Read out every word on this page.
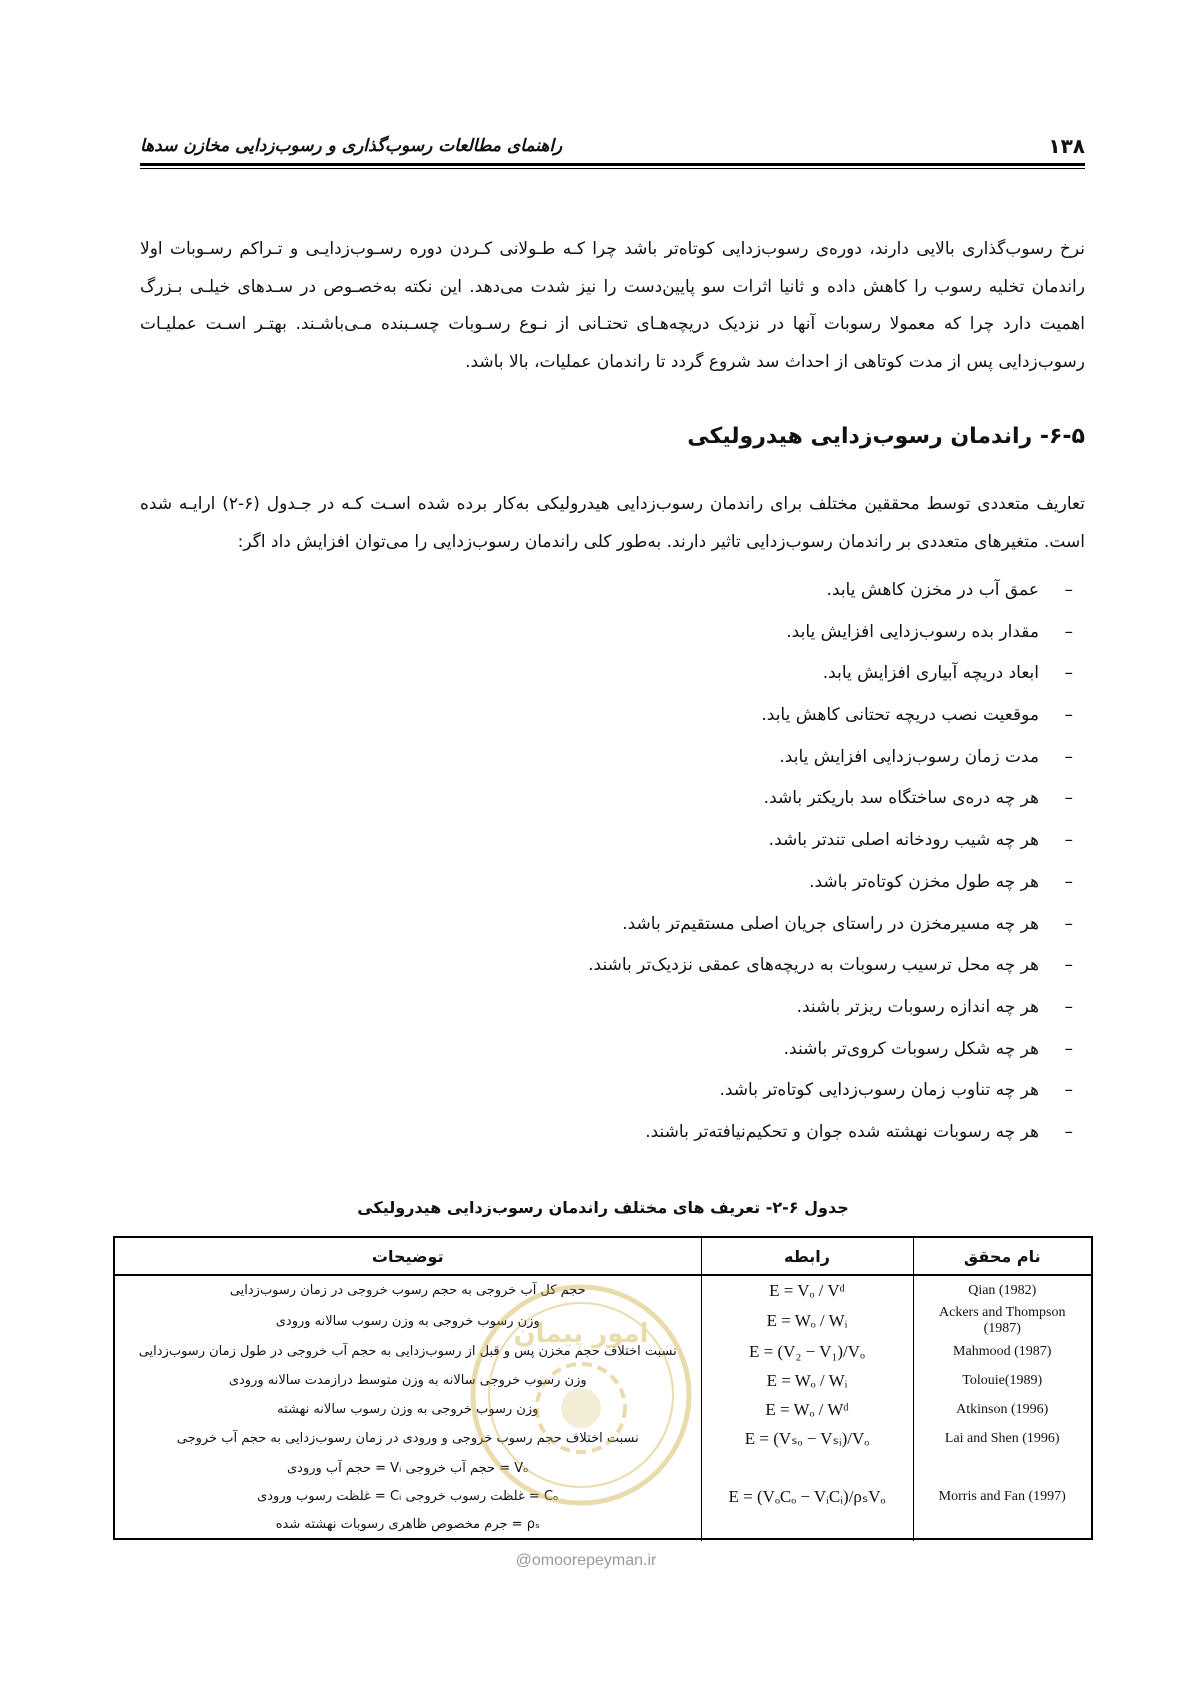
۱۳۸
راهنمای مطالعات رسوب‌گذاری و رسوب‌زدایی مخازن سدها

نرخ رسوب‌گذاری بالایی دارند، دوره‌ی رسوب‌زدایی کوتاه‌تر باشد چرا کـه طـولانی کـردن دوره رسـوب‌زدایـی و تـراکم رسـوبات اولا راندمان تخلیه رسوب را کاهش داده و ثانیا اثرات سو پایین‌دست را نیز شدت می‌دهد. این نکته به‌خصـوص در سـدهای خیلـی بـزرگ اهمیت دارد چرا که معمولا رسوبات آنها در نزدیک دریچه‌هـای تحتـانی از نـوع رسـوبات چسـبنده مـی‌باشـند. بهتـر اسـت عملیـات رسوب‌زدایی پس از مدت کوتاهی از احداث سد شروع گردد تا راندمان عملیات، بالا باشد.

۶-۵- راندمان رسوب‌زدایی هیدرولیکی

تعاریف متعددی توسط محققین مختلف برای راندمان رسوب‌زدایی هیدرولیکی به‌کار برده شده اسـت کـه در جـدول (۶-۲) ارایـه شده است. متغیرهای متعددی بر راندمان رسوب‌زدایی تاثیر دارند. به‌طور کلی راندمان رسوب‌زدایی را می‌توان افزایش داد اگر:

–
عمق آب در مخزن کاهش یابد.
–
مقدار بده رسوب‌زدایی افزایش یابد.
–
ابعاد دریچه آبیاری افزایش یابد.
–
موقعیت نصب دریچه تحتانی کاهش یابد.
–
مدت زمان رسوب‌زدایی افزایش یابد.
–
هر چه دره‌ی ساختگاه سد باریکتر باشد.
–
هر چه شیب رودخانه اصلی تندتر باشد.
–
هر چه طول مخزن کوتاه‌تر باشد.
–
هر چه مسیرمخزن در راستای جریان اصلی مستقیم‌تر باشد.
–
هر چه محل ترسیب رسوبات به دریچه‌های عمقی نزدیک‌تر باشند.
–
هر چه اندازه رسوبات ریزتر باشند.
–
هر چه شکل رسوبات کروی‌تر باشند.
–
هر چه تناوب زمان رسوب‌زدایی کوتاه‌تر باشد.
–
هر چه رسوبات نهشته شده جوان و تحکیم‌نیافته‌تر باشند.
جدول ۶-۲- تعریف های مختلف راندمان رسوب‌زدایی هیدرولیکی
نام محقق	رابطه	توضیحات
Qian (1982)	E = Vₒ / Vᵈ	حجم کل آب خروجی به حجم رسوب خروجی در زمان رسوب‌زدایی
Ackers and Thompson (1987)	E = Wₒ / Wᵢ	وزن رسوب خروجی به وزن رسوب سالانه ورودی
Mahmood (1987)	E = (V₂ − V₁)/Vₒ	نسبت اختلاف حجم مخزن پس و قبل از رسوب‌زدایی به حجم آب خروجی در طول زمان رسوب‌زدایی
Tolouie(1989)	E = Wₒ / Wᵢ	وزن رسوب خروجی سالانه به وزن متوسط درازمدت سالانه ورودی
Atkinson (1996)	E = Wₒ / Wᵈ	وزن رسوب خروجی به وزن رسوب سالانه نهشته
Lai and Shen (1996)	E = (Vₛₒ − Vₛᵢ)/Vₒ	نسبت اختلاف حجم رسوب خروجی و ورودی در زمان رسوب‌زدایی به حجم آب خروجی
Morris and Fan (1997)	E = (VₒCₒ − VᵢCᵢ)/ρₛVₒ	Vₒ = حجم آب خروجی Vᵢ = حجم آب ورودی
Cₒ = غلظت رسوب خروجی Cᵢ = غلظت رسوب ورودی
ρₛ = جرم مخصوص ظاهری رسوبات نهشته شده
امور پیمان
@omoorepeyman.ir
